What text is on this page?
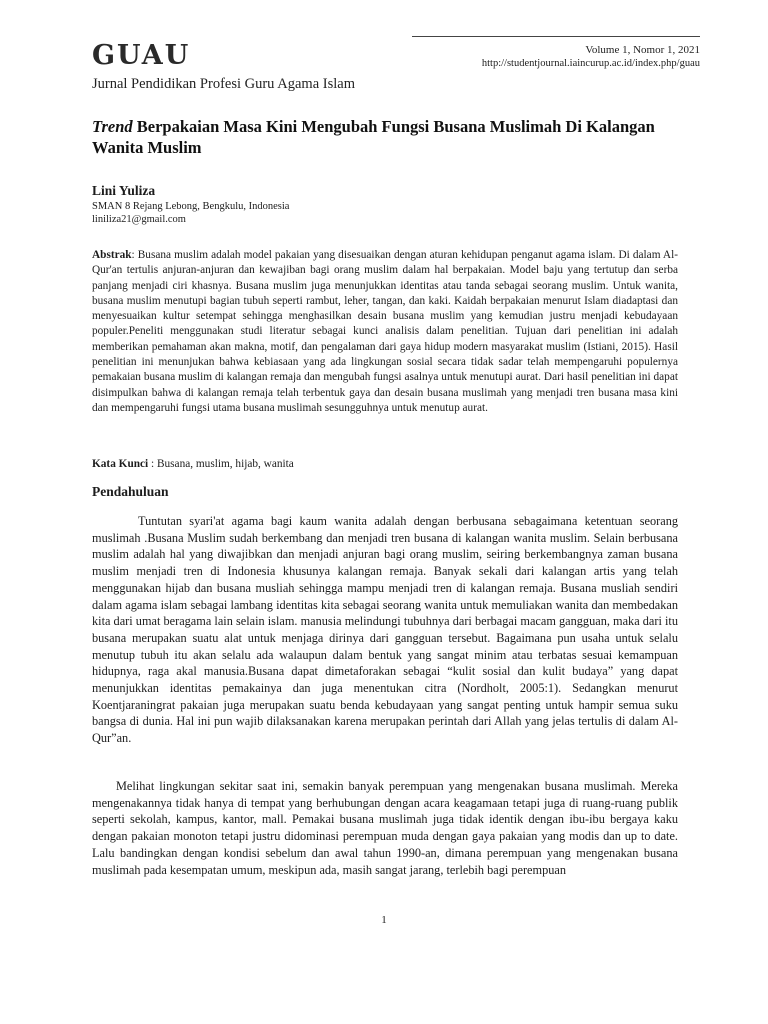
GUAU
Jurnal Pendidikan Profesi Guru Agama Islam
Volume 1, Nomor 1, 2021
http://studentjournal.iaincurup.ac.id/index.php/guau
Trend Berpakaian Masa Kini Mengubah Fungsi Busana Muslimah Di Kalangan Wanita Muslim
Lini Yuliza
SMAN 8 Rejang Lebong, Bengkulu, Indonesia
liniliza21@gmail.com
Abstrak: Busana muslim adalah model pakaian yang disesuaikan dengan aturan kehidupan penganut agama islam. Di dalam Al-Qur'an tertulis anjuran-anjuran dan kewajiban bagi orang muslim dalam hal berpakaian. Model baju yang tertutup dan serba panjang menjadi ciri khasnya. Busana muslim juga menunjukkan identitas atau tanda sebagai seorang muslim. Untuk wanita, busana muslim menutupi bagian tubuh seperti rambut, leher, tangan, dan kaki. Kaidah berpakaian menurut Islam diadaptasi dan menyesuaikan kultur setempat sehingga menghasilkan desain busana muslim yang kemudian justru menjadi kebudayaan populer.Peneliti menggunakan studi literatur sebagai kunci analisis dalam penelitian. Tujuan dari penelitian ini adalah memberikan pemahaman akan makna, motif, dan pengalaman dari gaya hidup modern masyarakat muslim (Istiani, 2015). Hasil penelitian ini menunjukan bahwa kebiasaan yang ada lingkungan sosial secara tidak sadar telah mempengaruhi populernya pemakaian busana muslim di kalangan remaja dan mengubah fungsi asalnya untuk menutupi aurat. Dari hasil penelitian ini dapat disimpulkan bahwa di kalangan remaja telah terbentuk gaya dan desain busana muslimah yang menjadi tren busana masa kini dan mempengaruhi fungsi utama busana muslimah sesungguhnya untuk menutup aurat.
Kata Kunci : Busana, muslim, hijab, wanita
Pendahuluan
Tuntutan syari'at agama bagi kaum wanita adalah dengan berbusana sebagaimana ketentuan seorang muslimah .Busana Muslim sudah berkembang dan menjadi tren busana di kalangan wanita muslim. Selain berbusana muslim adalah hal yang diwajibkan dan menjadi anjuran bagi orang muslim, seiring berkembangnya zaman busana muslim menjadi tren di Indonesia khusunya kalangan remaja. Banyak sekali dari kalangan artis yang telah menggunakan hijab dan busana musliah sehingga mampu menjadi tren di kalangan remaja. Busana musliah sendiri dalam agama islam sebagai lambang identitas kita sebagai seorang wanita untuk memuliakan wanita dan membedakan kita dari umat beragama lain selain islam. manusia melindungi tubuhnya dari berbagai macam gangguan, maka dari itu busana merupakan suatu alat untuk menjaga dirinya dari gangguan tersebut. Bagaimana pun usaha untuk selalu menutup tubuh itu akan selalu ada walaupun dalam bentuk yang sangat minim atau terbatas sesuai kemampuan hidupnya, raga akal manusia.Busana dapat dimetaforakan sebagai “kulit sosial dan kulit budaya” yang dapat menunjukkan identitas pemakainya dan juga menentukan citra (Nordholt, 2005:1). Sedangkan menurut Koentjaraningrat pakaian juga merupakan suatu benda kebudayaan yang sangat penting untuk hampir semua suku bangsa di dunia. Hal ini pun wajib dilaksanakan karena merupakan perintah dari Allah yang jelas tertulis di dalam Al-Qur”an.
Melihat lingkungan sekitar saat ini, semakin banyak perempuan yang mengenakan busana muslimah. Mereka mengenakannya tidak hanya di tempat yang berhubungan dengan acara keagamaan tetapi juga di ruang-ruang publik seperti sekolah, kampus, kantor, mall. Pemakai busana muslimah juga tidak identik dengan ibu-ibu bergaya kaku dengan pakaian monoton tetapi justru didominasi perempuan muda dengan gaya pakaian yang modis dan up to date. Lalu bandingkan dengan kondisi sebelum dan awal tahun 1990-an, dimana perempuan yang mengenakan busana muslimah pada kesempatan umum, meskipun ada, masih sangat jarang, terlebih bagi perempuan
1
